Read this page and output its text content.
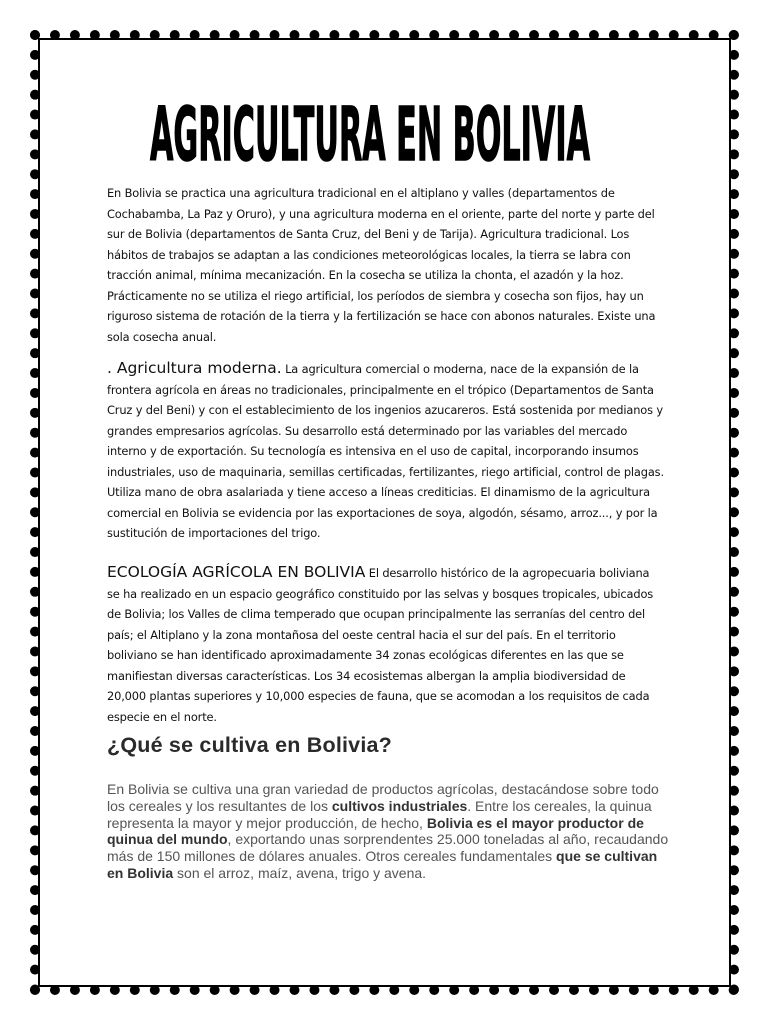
AGRICULTURA EN BOLIVIA
En Bolivia se practica una agricultura tradicional en el altiplano y valles (departamentos de Cochabamba, La Paz y Oruro), y una agricultura moderna en el oriente, parte del norte y parte del sur de Bolivia (departamentos de Santa Cruz, del Beni y de Tarija). Agricultura tradicional. Los hábitos de trabajos se adaptan a las condiciones meteorológicas locales, la tierra se labra con tracción animal, mínima mecanización. En la cosecha se utiliza la chonta, el azadón y la hoz. Prácticamente no se utiliza el riego artificial, los períodos de siembra y cosecha son fijos, hay un riguroso sistema de rotación de la tierra y la fertilización se hace con abonos naturales. Existe una sola cosecha anual.
. Agricultura moderna. La agricultura comercial o moderna, nace de la expansión de la frontera agrícola en áreas no tradicionales, principalmente en el trópico (Departamentos de Santa Cruz y del Beni) y con el establecimiento de los ingenios azucareros. Está sostenida por medianos y grandes empresarios agrícolas. Su desarrollo está determinado por las variables del mercado interno y de exportación. Su tecnología es intensiva en el uso de capital, incorporando insumos industriales, uso de maquinaria, semillas certificadas, fertilizantes, riego artificial, control de plagas. Utiliza mano de obra asalariada y tiene acceso a líneas crediticias. El dinamismo de la agricultura comercial en Bolivia se evidencia por las exportaciones de soya, algodón, sésamo, arroz..., y por la sustitución de importaciones del trigo.
ECOLOGÍA AGRÍCOLA EN BOLIVIA El desarrollo histórico de la agropecuaria boliviana se ha realizado en un espacio geográfico constituido por las selvas y bosques tropicales, ubicados de Bolivia; los Valles de clima temperado que ocupan principalmente las serranías del centro del país; el Altiplano y la zona montañosa del oeste central hacia el sur del país. En el territorio boliviano se han identificado aproximadamente 34 zonas ecológicas diferentes en las que se manifiestan diversas características. Los 34 ecosistemas albergan la amplia biodiversidad de 20,000 plantas superiores y 10,000 especies de fauna, que se acomodan a los requisitos de cada especie en el norte.
¿Qué se cultiva en Bolivia?
En Bolivia se cultiva una gran variedad de productos agrícolas, destacándose sobre todo los cereales y los resultantes de los cultivos industriales. Entre los cereales, la quinua representa la mayor y mejor producción, de hecho, Bolivia es el mayor productor de quinua del mundo, exportando unas sorprendentes 25.000 toneladas al año, recaudando más de 150 millones de dólares anuales. Otros cereales fundamentales que se cultivan en Bolivia son el arroz, maíz, avena, trigo y avena.
